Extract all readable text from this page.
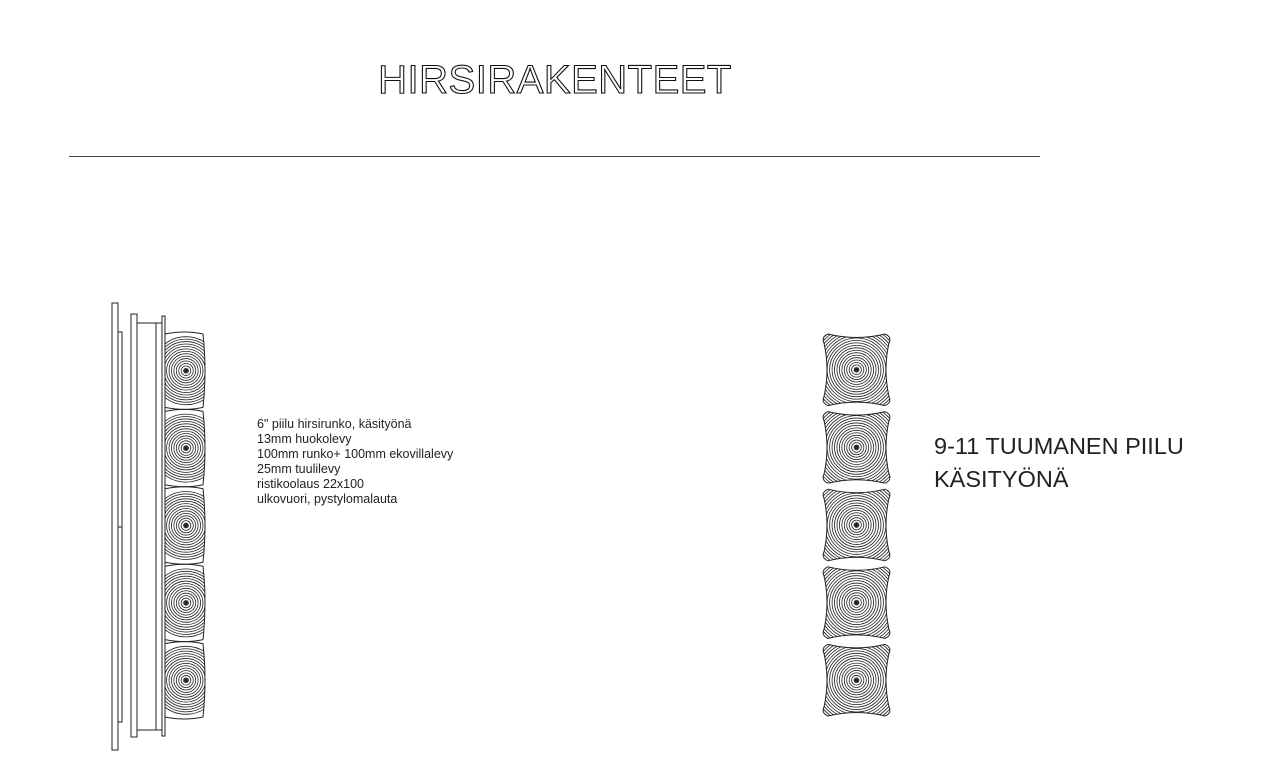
HIRSIRAKENTEET
6" piilu hirsirunko, käsityönä
13mm huokolevy
100mm runko+ 100mm ekovillalevy
25mm tuulilevy
ristikoolaus 22x100
ulkovuori, pystylomalauta
9-11 TUUMANEN PIILU
KÄSITYÖNÄ
